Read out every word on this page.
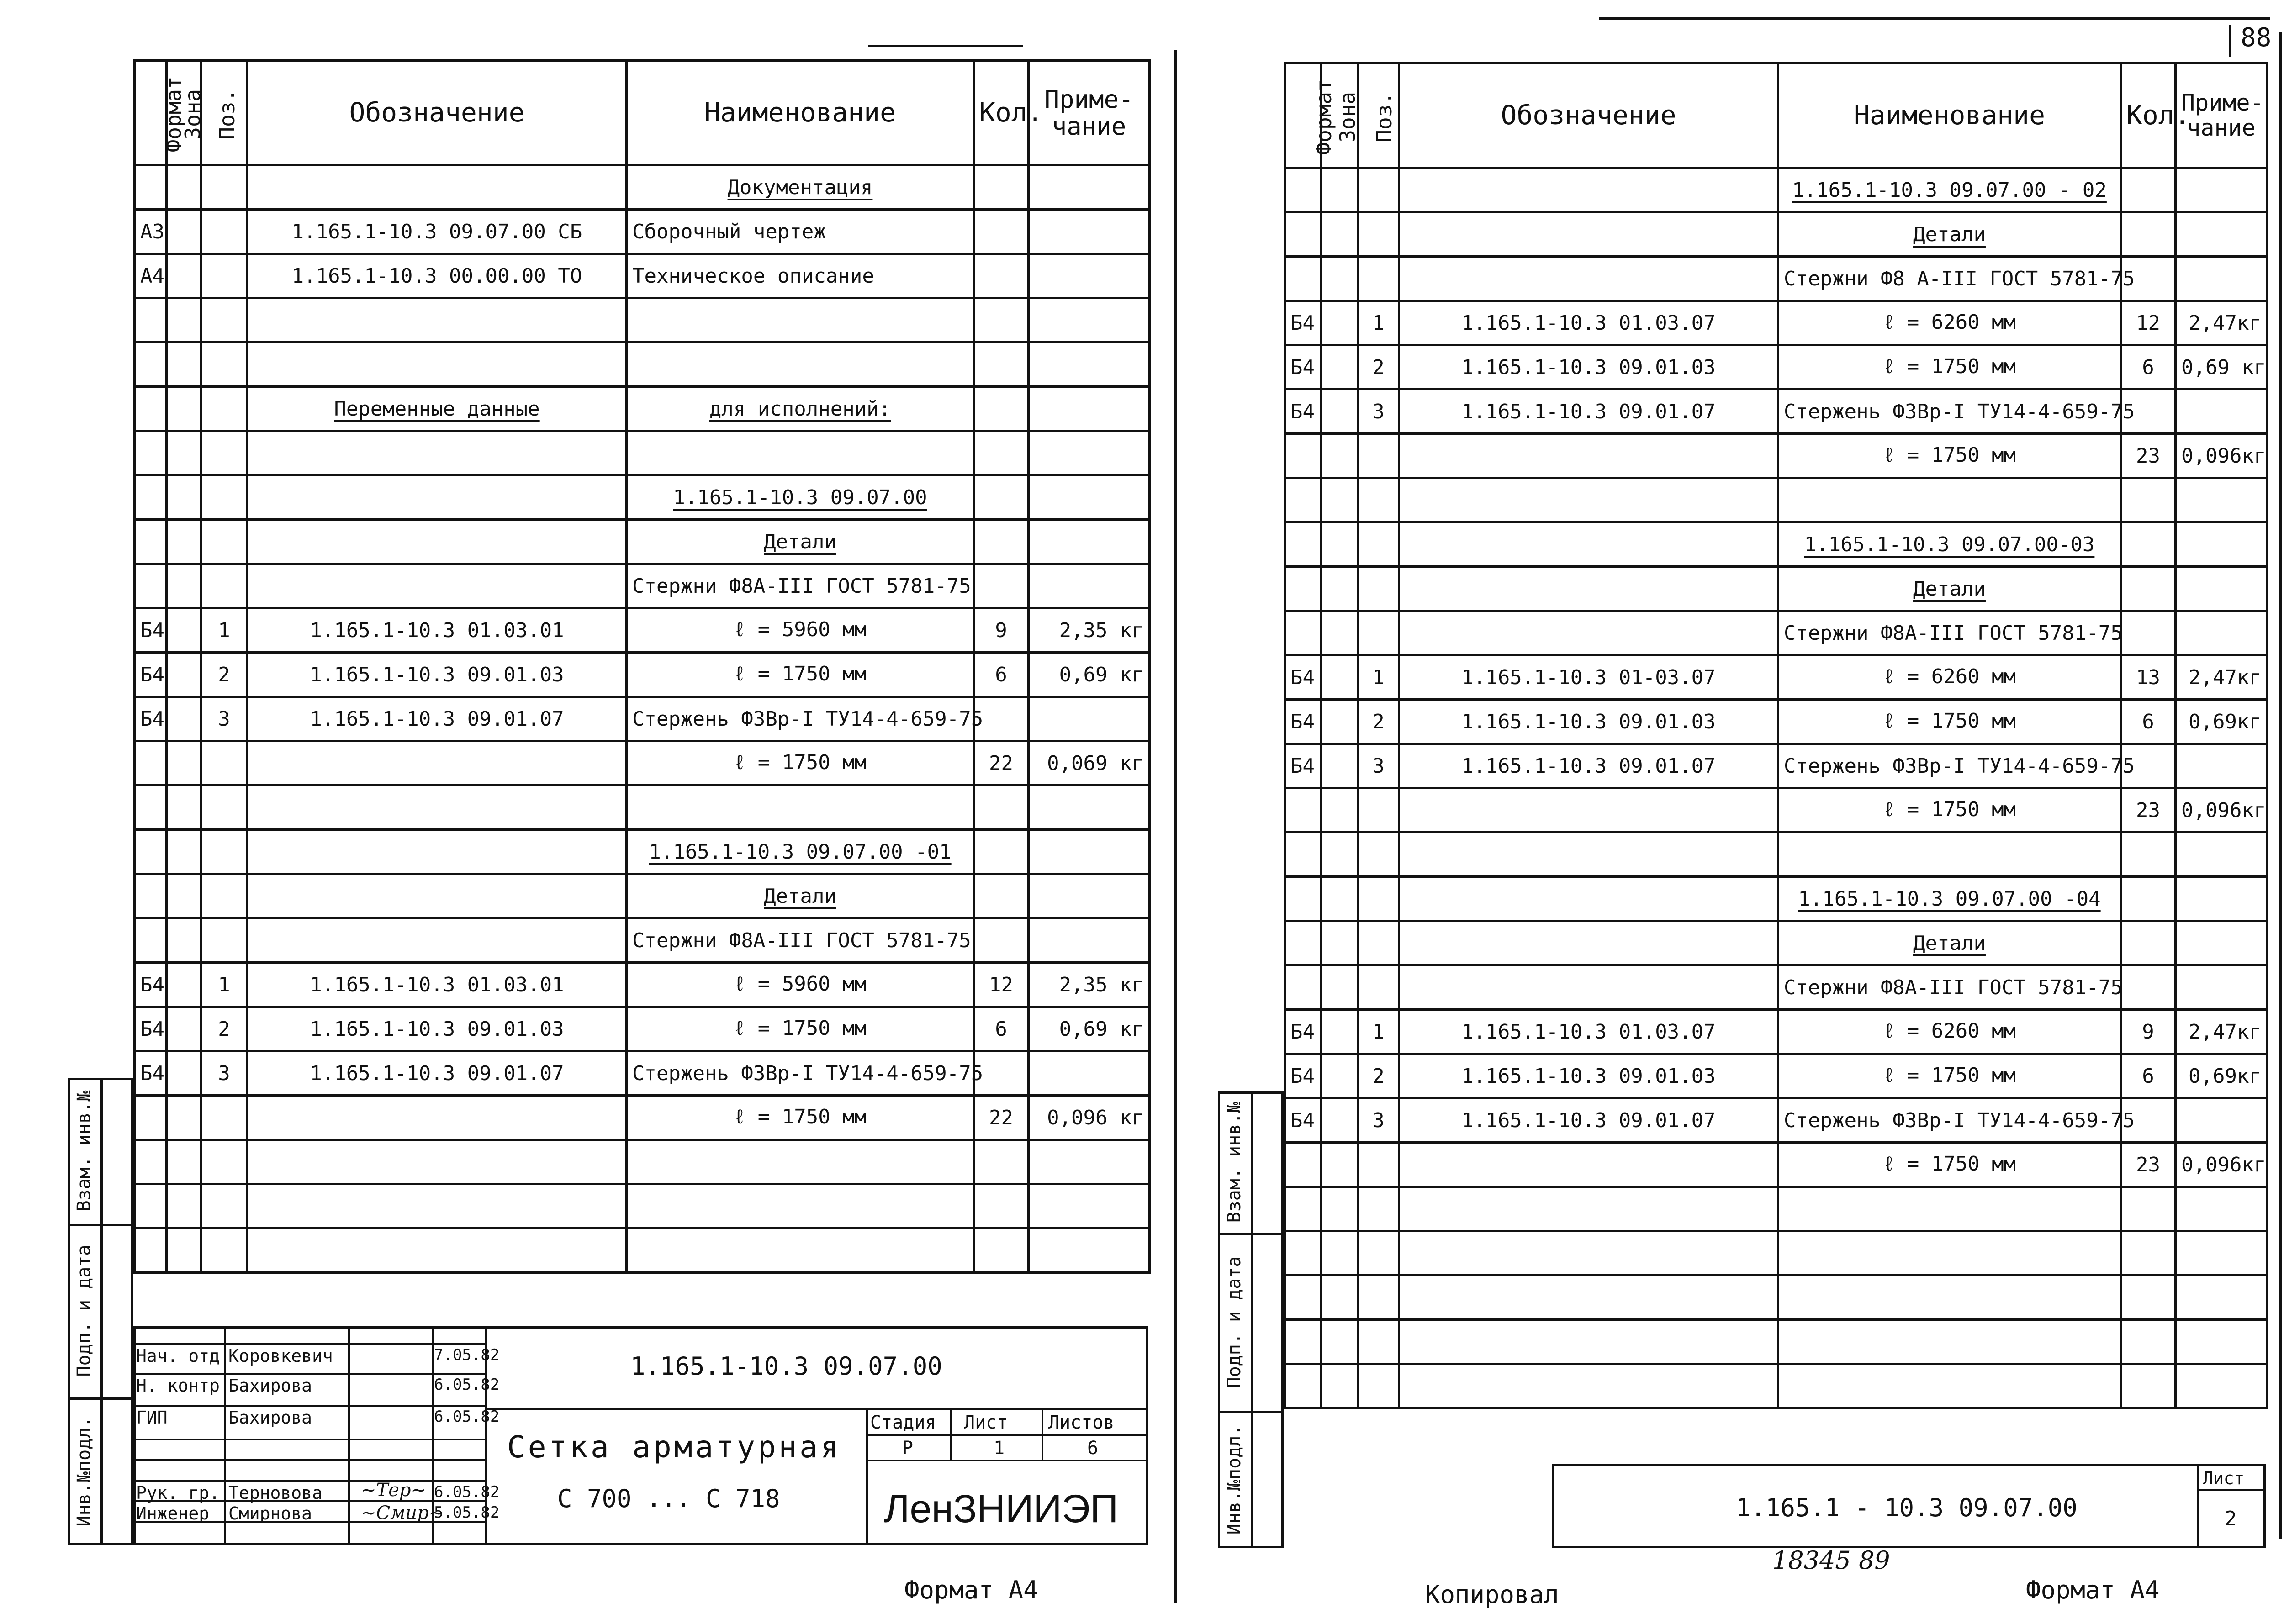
Формат	Зона	Поз.	Обозначение	Наименование	Кол.	Приме-
чание
				Документация		
А3			1.165.1-10.3 09.07.00 СБ	Сборочный чертеж		
А4			1.165.1-10.3 00.00.00 ТО	Техническое описание		

			Переменные данные	для исполнений:		

				1.165.1-10.3 09.07.00		
				Детали		
				Стержни Ф8А-III ГОСТ 5781-75		
Б4		1	1.165.1-10.3 01.03.01	ℓ = 5960 мм	9	2,35 кг
Б4		2	1.165.1-10.3 09.01.03	ℓ = 1750 мм	6	0,69 кг
Б4		3	1.165.1-10.3 09.01.07	Стержень Ф3Вр-I ТУ14-4-659-75		
				ℓ = 1750 мм	22	0,069 кг

				1.165.1-10.3 09.07.00 -01		
				Детали		
				Стержни Ф8А-III ГОСТ 5781-75		
Б4		1	1.165.1-10.3 01.03.01	ℓ = 5960 мм	12	2,35 кг
Б4		2	1.165.1-10.3 09.01.03	ℓ = 1750 мм	6	0,69 кг
Б4		3	1.165.1-10.3 09.01.07	Стержень Ф3Вр-I ТУ14-4-659-75		
				ℓ = 1750 мм	22	0,096 кг

1.165.1-10.3 09.07.00
Сетка арматурная
С 700 ... С 718
Стадия Лист Листов
Р	1	6
ЛенЗНИИЭП
Нач. отд.
Коровкевич	7.05.82
Н. контр.
Бахирова	6.05.82
ГИП	Бахирова	6.05.82
Рук. гр. Терновова	6.05.82
Инженер Смирнова	5.05.82
~Тер~
~Смир~
Взам. инв.№
Подп. и дата
Инв.№подл.
Формат А4
88
Формат	Зона	Поз.	Обозначение	Наименование	Кол.	Приме-
чание
				1.165.1-10.3 09.07.00 - 02		
				Детали		
				Стержни Ф8 А-III ГОСТ 5781-75		
Б4		1	1.165.1-10.3 01.03.07	ℓ = 6260 мм	12	2,47кг
Б4		2	1.165.1-10.3 09.01.03	ℓ = 1750 мм	6	0,69 кг
Б4		3	1.165.1-10.3 09.01.07	Стержень Ф3Вр-I ТУ14-4-659-75		
				ℓ = 1750 мм	23	0,096кг

				1.165.1-10.3 09.07.00-03		
				Детали		
				Стержни Ф8А-III ГОСТ 5781-75		
Б4		1	1.165.1-10.3 01-03.07	ℓ = 6260 мм	13	2,47кг
Б4		2	1.165.1-10.3 09.01.03	ℓ = 1750 мм	6	0,69кг
Б4		3	1.165.1-10.3 09.01.07	Стержень Ф3Вр-I ТУ14-4-659-75		
				ℓ = 1750 мм	23	0,096кг

				1.165.1-10.3 09.07.00 -04		
				Детали		
				Стержни Ф8А-III ГОСТ 5781-75		
Б4		1	1.165.1-10.3 01.03.07	ℓ = 6260 мм	9	2,47кг
Б4		2	1.165.1-10.3 09.01.03	ℓ = 1750 мм	6	0,69кг
Б4		3	1.165.1-10.3 09.01.07	Стержень Ф3Вр-I ТУ14-4-659-75		
				ℓ = 1750 мм	23	0,096кг

1.165.1 - 10.3 09.07.00
Лист
2
Взам. инв.№
Подп. и дата
Инв.№подл.
18345 89
Копировал	Формат А4
